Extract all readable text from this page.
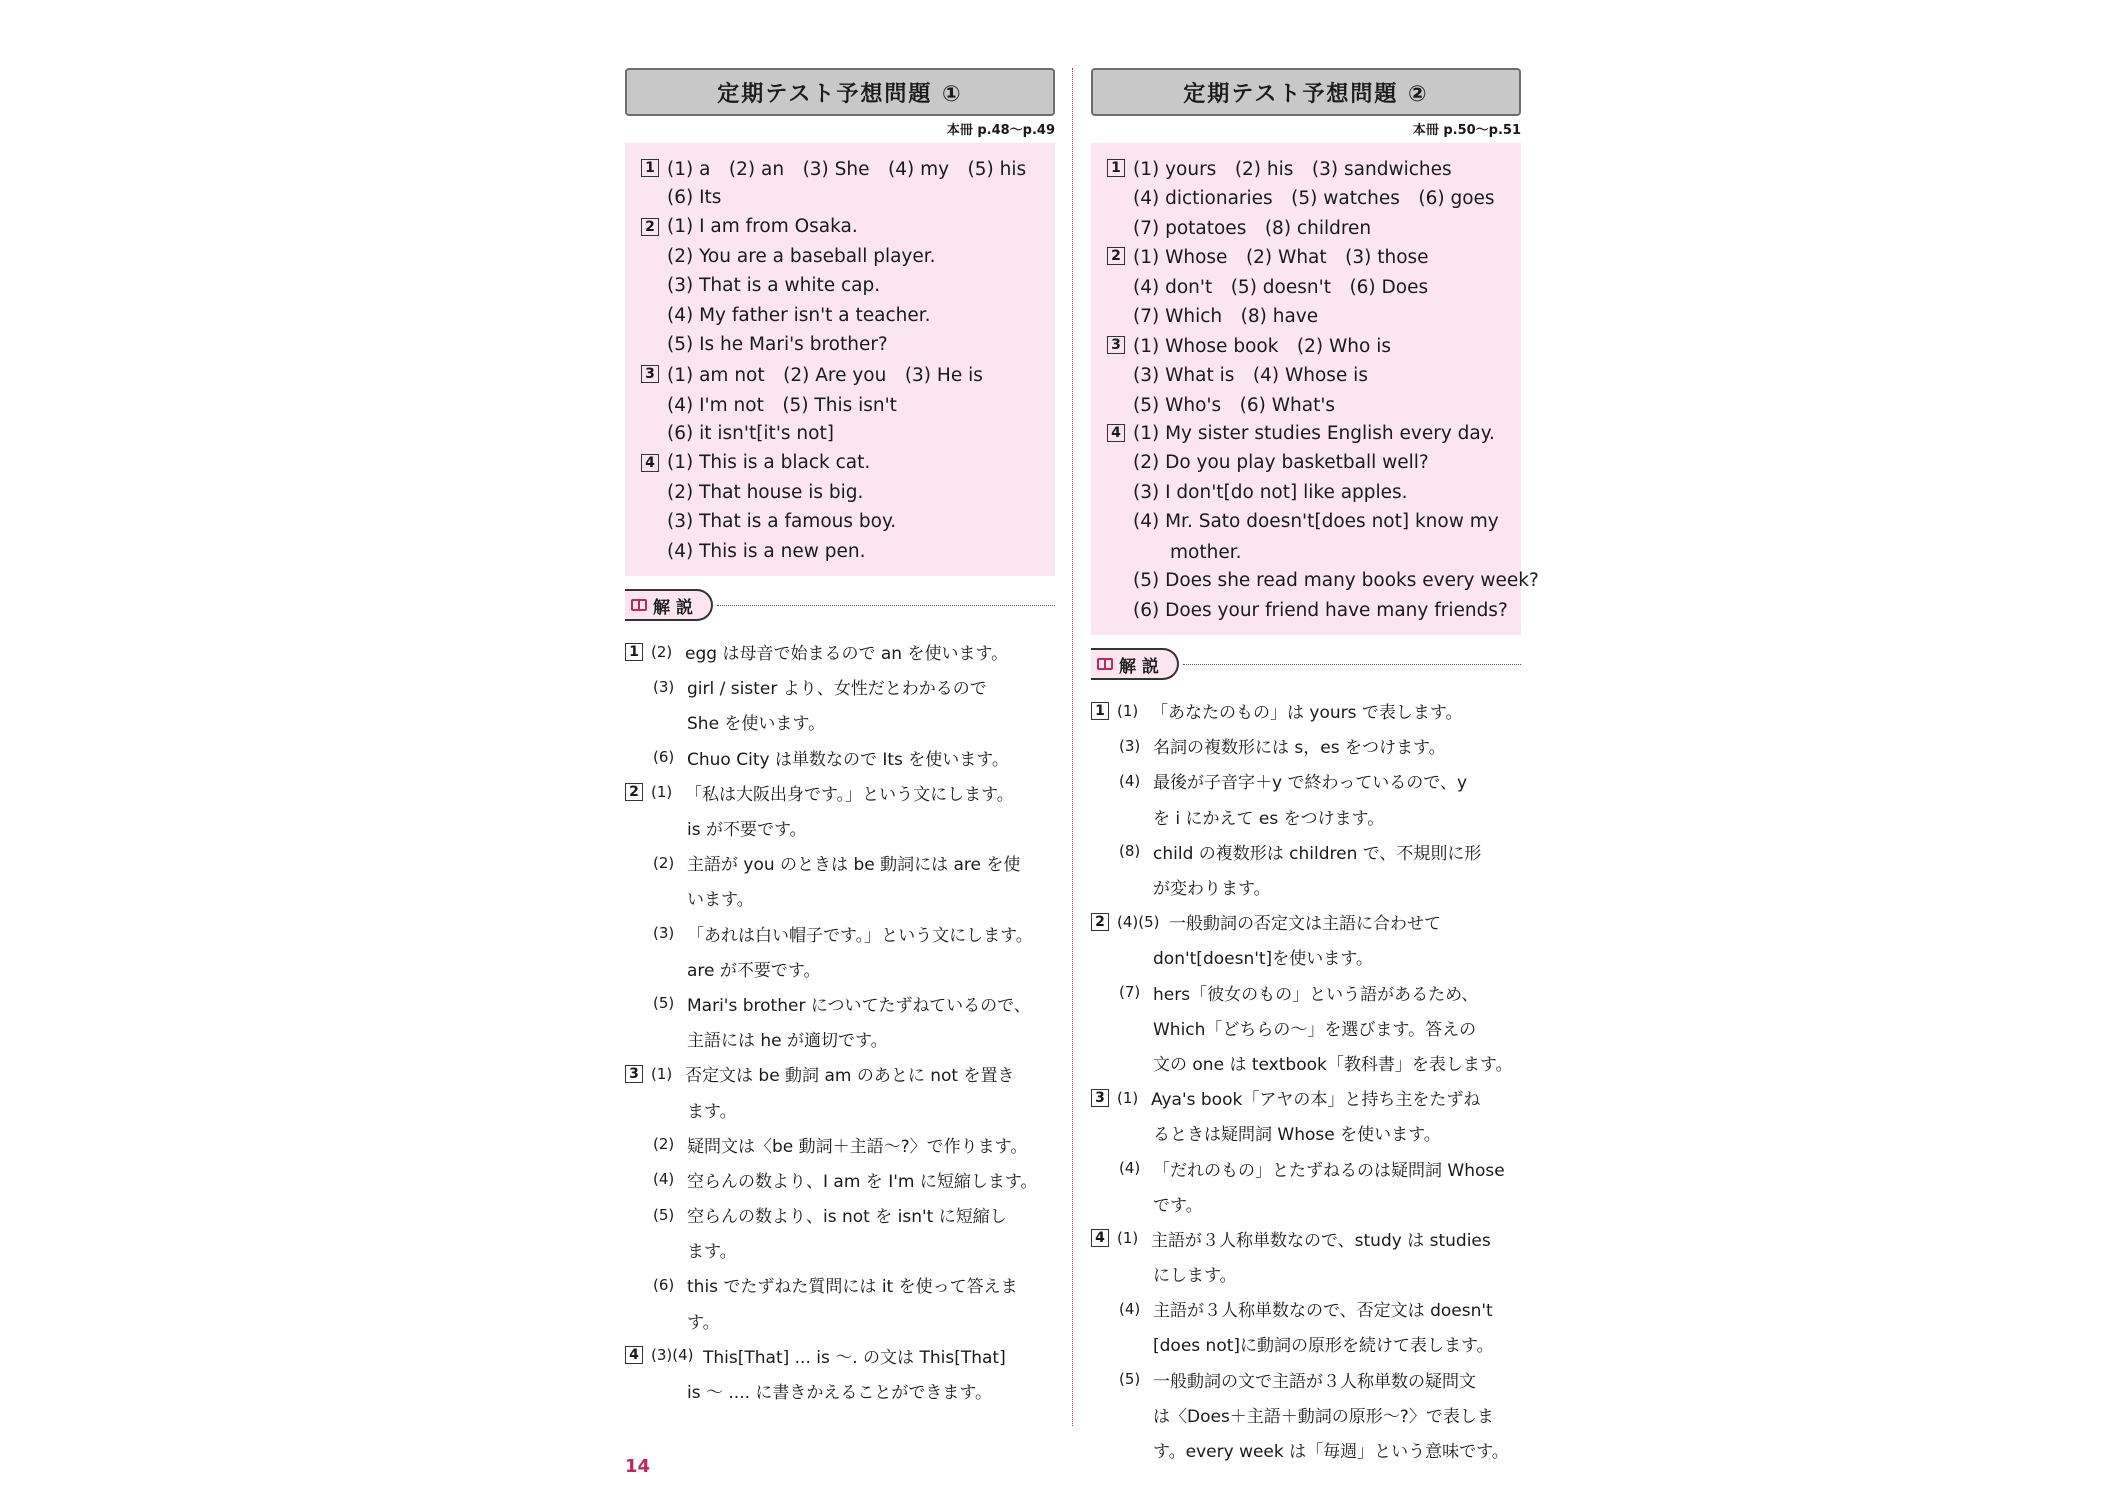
定期テスト予想問題 ①
本冊 p.48〜p.49
1 (1) a　(2) an　(3) She　(4) my　(5) his
(6) Its
2 (1) I am from Osaka.
(2) You are a baseball player.
(3) That is a white cap.
(4) My father isn't a teacher.
(5) Is he Mari's brother?
3 (1) am not　(2) Are you　(3) He is
(4) I'm not　(5) This isn't
(6) it isn't[it's not]
4 (1) This is a black cat.
(2) That house is big.
(3) That is a famous boy.
(4) This is a new pen.
解 説
1 (2) egg は母音で始まるので an を使います。
(3) girl / sister より、女性だとわかるので
She を使います。
(6) Chuo City は単数なので Its を使います。
2 (1) 「私は大阪出身です。」という文にします。
is が不要です。
(2) 主語が you のときは be 動詞には are を使
います。
(3) 「あれは白い帽子です。」という文にします。
are が不要です。
(5) Mari's brother についてたずねているので、
主語には he が適切です。
3 (1) 否定文は be 動詞 am のあとに not を置き
ます。
(2) 疑問文は〈be 動詞＋主語〜?〉で作ります。
(4) 空らんの数より、I am を I'm に短縮します。
(5) 空らんの数より、is not を isn't に短縮し
ます。
(6) this でたずねた質問には it を使って答えま
す。
4 (3)(4) This[That] ... is 〜. の文は This[That]
is 〜 .... に書きかえることができます。
定期テスト予想問題 ②
本冊 p.50〜p.51
1 (1) yours　(2) his　(3) sandwiches
(4) dictionaries　(5) watches　(6) goes
(7) potatoes　(8) children
2 (1) Whose　(2) What　(3) those
(4) don't　(5) doesn't　(6) Does
(7) Which　(8) have
3 (1) Whose book　(2) Who is
(3) What is　(4) Whose is
(5) Who's　(6) What's
4 (1) My sister studies English every day.
(2) Do you play basketball well?
(3) I don't[do not] like apples.
(4) Mr. Sato doesn't[does not] know my
　　mother.
(5) Does she read many books every week?
(6) Does your friend have many friends?
解 説
1 (1) 「あなたのもの」は yours で表します。
(3) 名詞の複数形には s，es をつけます。
(4) 最後が子音字＋y で終わっているので、y
を i にかえて es をつけます。
(8) child の複数形は children で、不規則に形
が変わります。
2 (4)(5) 一般動詞の否定文は主語に合わせて
don't[doesn't]を使います。
(7) hers「彼女のもの」という語があるため、
Which「どちらの〜」を選びます。答えの
文の one は textbook「教科書」を表します。
3 (1) Aya's book「アヤの本」と持ち主をたずね
るときは疑問詞 Whose を使います。
(4) 「だれのもの」とたずねるのは疑問詞 Whose
です。
4 (1) 主語が３人称単数なので、study は studies
にします。
(4) 主語が３人称単数なので、否定文は doesn't
[does not]に動詞の原形を続けて表します。
(5) 一般動詞の文で主語が３人称単数の疑問文
は〈Does＋主語＋動詞の原形〜?〉で表しま
す。every week は「毎週」という意味です。
14
